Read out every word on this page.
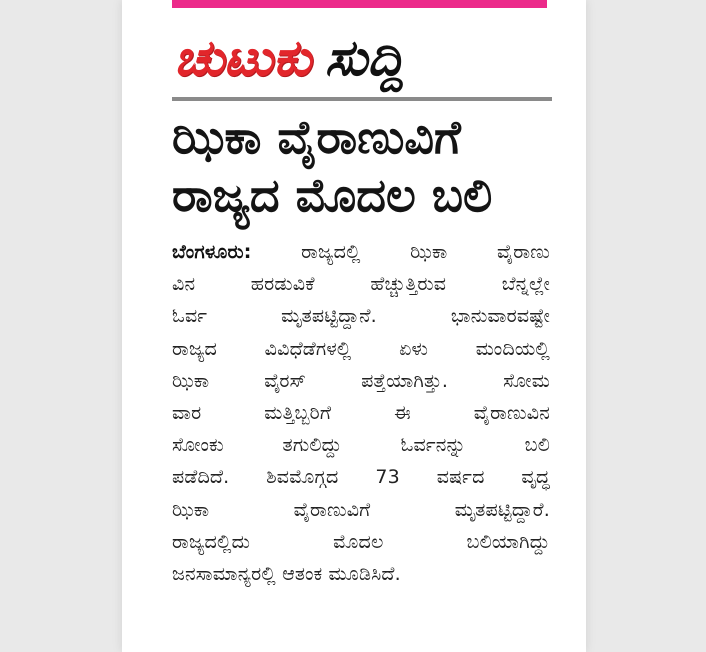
ಚುಟುಕು ಸುದ್ದಿ
ಝಿಕಾ ವೈರಾಣುವಿಗೆ
ರಾಜ್ಯದ ಮೊದಲ ಬಲಿ
ಬೆಂಗಳೂರು:	ರಾಜ್ಯದಲ್ಲಿ ಝಿಕಾ ವೈರಾಣು
ವಿನ ಹರಡುವಿಕೆ ಹೆಚ್ಚುತ್ತಿರುವ ಬೆನ್ನಲ್ಲೇ
ಓರ್ವ ಮೃತಪಟ್ಟಿದ್ದಾನೆ. ಭಾನುವಾರವಷ್ಟೇ
ರಾಜ್ಯದ ವಿವಿಧೆಡೆಗಳಲ್ಲಿ ಏಳು ಮಂದಿಯಲ್ಲಿ
ಝಿಕಾ ವೈರಸ್ ಪತ್ತೆಯಾಗಿತ್ತು. ಸೋಮ
ವಾರ ಮತ್ತಿಬ್ಬರಿಗೆ ಈ ವೈರಾಣುವಿನ
ಸೋಂಕು ತಗುಲಿದ್ದು ಓರ್ವನನ್ನು ಬಲಿ
ಪಡೆದಿದೆ. ಶಿವಮೊಗ್ಗದ 73 ವರ್ಷದ ವೃದ್ಧ
ಝಿಕಾ ವೈರಾಣುವಿಗೆ ಮೃತಪಟ್ಟಿದ್ದಾರೆ.
ರಾಜ್ಯದಲ್ಲಿದು ಮೊದಲ ಬಲಿಯಾಗಿದ್ದು
ಜನಸಾಮಾನ್ಯರಲ್ಲಿ ಆತಂಕ ಮೂಡಿಸಿದೆ.
